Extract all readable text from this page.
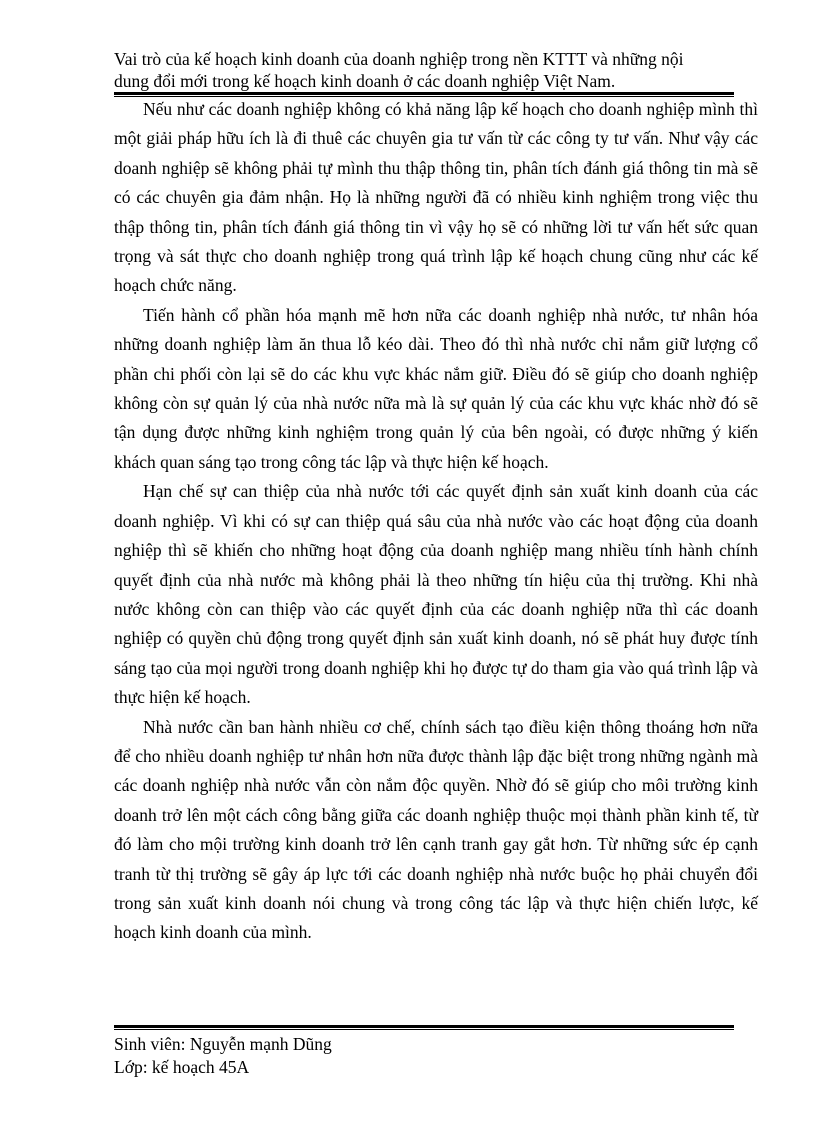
Vai trò của kế hoạch kinh doanh của doanh nghiệp trong nền KTTT và những nội
dung đổi mới trong kế hoạch kinh doanh ở các doanh nghiệp Việt Nam.

Nếu như các doanh nghiệp không có khả năng lập kế hoạch cho doanh nghiệp mình thì một giải pháp hữu ích là đi thuê các chuyên gia tư vấn từ các công ty tư vấn. Như vậy các doanh nghiệp sẽ không phải tự mình thu thập thông tin, phân tích đánh giá thông tin mà sẽ có các chuyên gia đảm nhận. Họ là những người đã có nhiều kinh nghiệm trong việc thu thập thông tin, phân tích đánh giá thông tin vì vậy họ sẽ có những lời tư vấn hết sức quan trọng và sát thực cho doanh nghiệp trong quá trình lập kế hoạch chung cũng như các kế hoạch chức năng.

Tiến hành cổ phần hóa mạnh mẽ hơn nữa các doanh nghiệp nhà nước, tư nhân hóa những doanh nghiệp làm ăn thua lỗ kéo dài. Theo đó thì nhà nước chỉ nắm giữ lượng cổ phần chi phối còn lại sẽ do các khu vực khác nắm giữ. Điều đó sẽ giúp cho doanh nghiệp không còn sự quản lý của nhà nước nữa mà là sự quản lý của các khu vực khác nhờ đó sẽ tận dụng được những kinh nghiệm trong quản lý của bên ngoài, có được những ý kiến khách quan sáng tạo trong công tác lập và thực hiện kế hoạch.

Hạn chế sự can thiệp của nhà nước tới các quyết định sản xuất kinh doanh của các doanh nghiệp. Vì khi có sự can thiệp quá sâu của nhà nước vào các hoạt động của doanh nghiệp thì sẽ khiến cho những hoạt động của doanh nghiệp mang nhiều tính hành chính quyết định của nhà nước mà không phải là theo những tín hiệu của thị trường. Khi nhà nước không còn can thiệp vào các quyết định của các doanh nghiệp nữa thì các doanh nghiệp có quyền chủ động trong quyết định sản xuất kinh doanh, nó sẽ phát huy được tính sáng tạo của mọi người trong doanh nghiệp khi họ được tự do tham gia vào quá trình lập và thực hiện kế hoạch.

Nhà nước cần ban hành nhiều cơ chế, chính sách tạo điều kiện thông thoáng hơn nữa để cho nhiều doanh nghiệp tư nhân hơn nữa được thành lập đặc biệt trong những ngành mà các doanh nghiệp nhà nước vẫn còn nắm độc quyền. Nhờ đó sẽ giúp cho môi trường kinh doanh trở lên một cách công bằng giữa các doanh nghiệp thuộc mọi thành phần kinh tế, từ đó làm cho mội trường kinh doanh trở lên cạnh tranh gay gắt hơn. Từ những sức ép cạnh tranh từ thị trường sẽ gây áp lực tới các doanh nghiệp nhà nước buộc họ phải chuyển đổi trong sản xuất kinh doanh nói chung và trong công tác lập và thực hiện chiến lược, kế hoạch kinh doanh của mình.

Sinh viên: Nguyễn mạnh Dũng
Lớp: kế hoạch 45A
